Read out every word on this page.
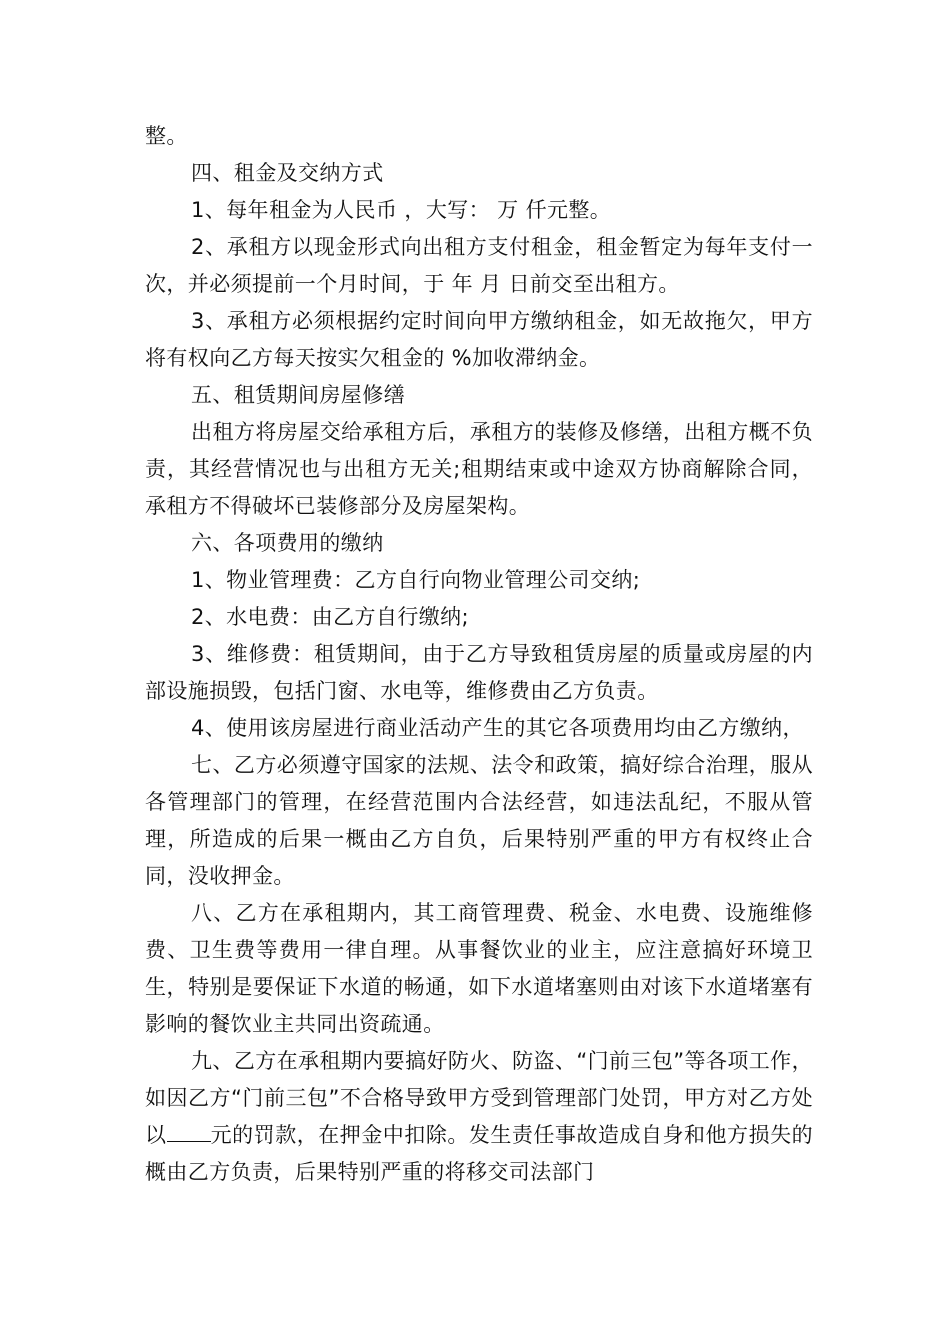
整。

四、租金及交纳方式

1、每年租金为人民币 ，大写： 万 仟元整。

2、承租方以现金形式向出租方支付租金，租金暂定为每年支付一次，并必须提前一个月时间，于 年 月 日前交至出租方。

3、承租方必须根据约定时间向甲方缴纳租金，如无故拖欠，甲方将有权向乙方每天按实欠租金的 %加收滞纳金。

五、租赁期间房屋修缮

出租方将房屋交给承租方后，承租方的装修及修缮，出租方概不负责，其经营情况也与出租方无关;租期结束或中途双方协商解除合同，承租方不得破坏已装修部分及房屋架构。

六、各项费用的缴纳

1、物业管理费：乙方自行向物业管理公司交纳;

2、水电费：由乙方自行缴纳;

3、维修费：租赁期间，由于乙方导致租赁房屋的质量或房屋的内部设施损毁，包括门窗、水电等，维修费由乙方负责。

4、使用该房屋进行商业活动产生的其它各项费用均由乙方缴纳，

七、乙方必须遵守国家的法规、法令和政策，搞好综合治理，服从各管理部门的管理，在经营范围内合法经营，如违法乱纪，不服从管理，所造成的后果一概由乙方自负，后果特别严重的甲方有权终止合同，没收押金。

八、乙方在承租期内，其工商管理费、税金、水电费、设施维修费、卫生费等费用一律自理。从事餐饮业的业主，应注意搞好环境卫生，特别是要保证下水道的畅通，如下水道堵塞则由对该下水道堵塞有影响的餐饮业主共同出资疏通。

九、乙方在承租期内要搞好防火、防盗、“门前三包”等各项工作，如因乙方“门前三包”不合格导致甲方受到管理部门处罚，甲方对乙方处以 元的罚款，在押金中扣除。发生责任事故造成自身和他方损失的概由乙方负责，后果特别严重的将移交司法部门
